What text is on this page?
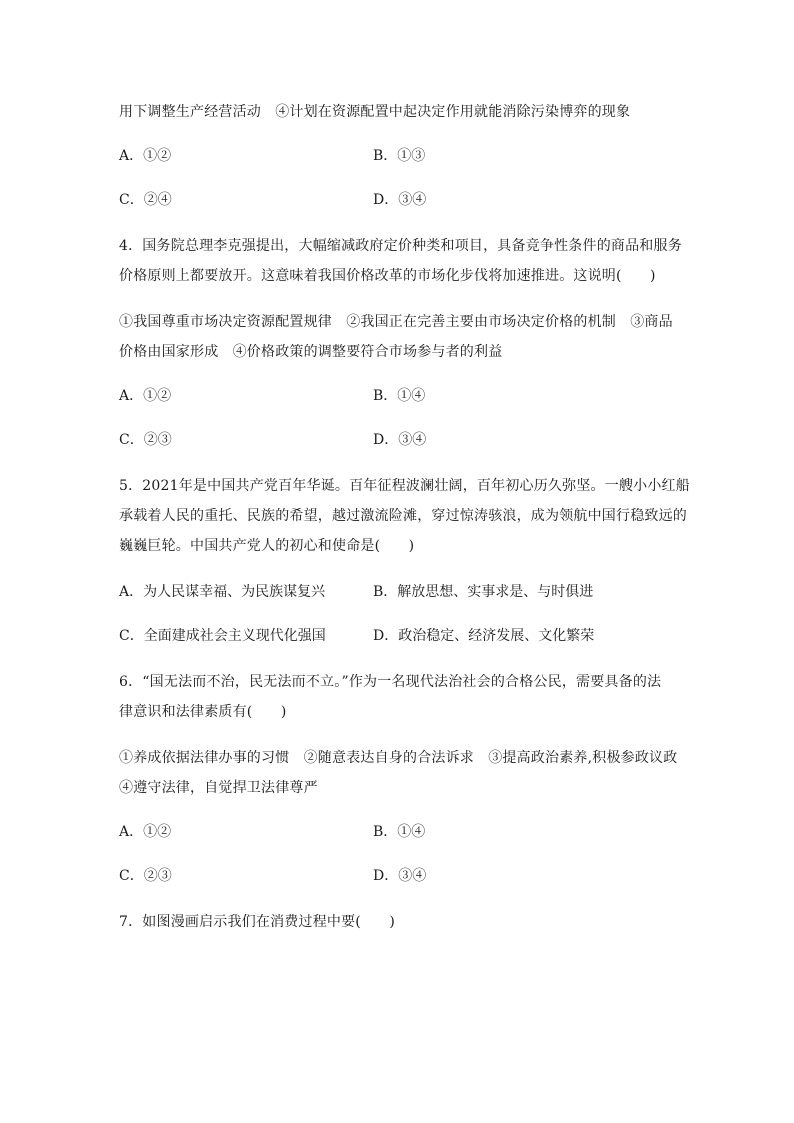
用下调整生产经营活动　④计划在资源配置中起决定作用就能消除污染博弈的现象
A．①②	B．①③
C．②④	D．③④
4．国务院总理李克强提出，大幅缩减政府定价种类和项目，具备竞争性条件的商品和服务
价格原则上都要放开。这意味着我国价格改革的市场化步伐将加速推进。这说明(　　)
①我国尊重市场决定资源配置规律　②我国正在完善主要由市场决定价格的机制　③商品
价格由国家形成　④价格政策的调整要符合市场参与者的利益
A．①②	B．①④
C．②③	D．③④
5．2021年是中国共产党百年华诞。百年征程波澜壮阔，百年初心历久弥坚。一艘小小红船
承载着人民的重托、民族的希望，越过激流险滩，穿过惊涛骇浪，成为领航中国行稳致远的
巍巍巨轮。中国共产党人的初心和使命是(　　)
A．为人民谋幸福、为民族谋复兴	B．解放思想、实事求是、与时俱进
C．全面建成社会主义现代化强国	D．政治稳定、经济发展、文化繁荣
6．“国无法而不治，民无法而不立。”作为一名现代法治社会的合格公民，需要具备的法
律意识和法律素质有(　　)
①养成依据法律办事的习惯　②随意表达自身的合法诉求　③提高政治素养,积极参政议政
④遵守法律，自觉捍卫法律尊严
A．①②	B．①④
C．②③	D．③④
7．如图漫画启示我们在消费过程中要(　　)
